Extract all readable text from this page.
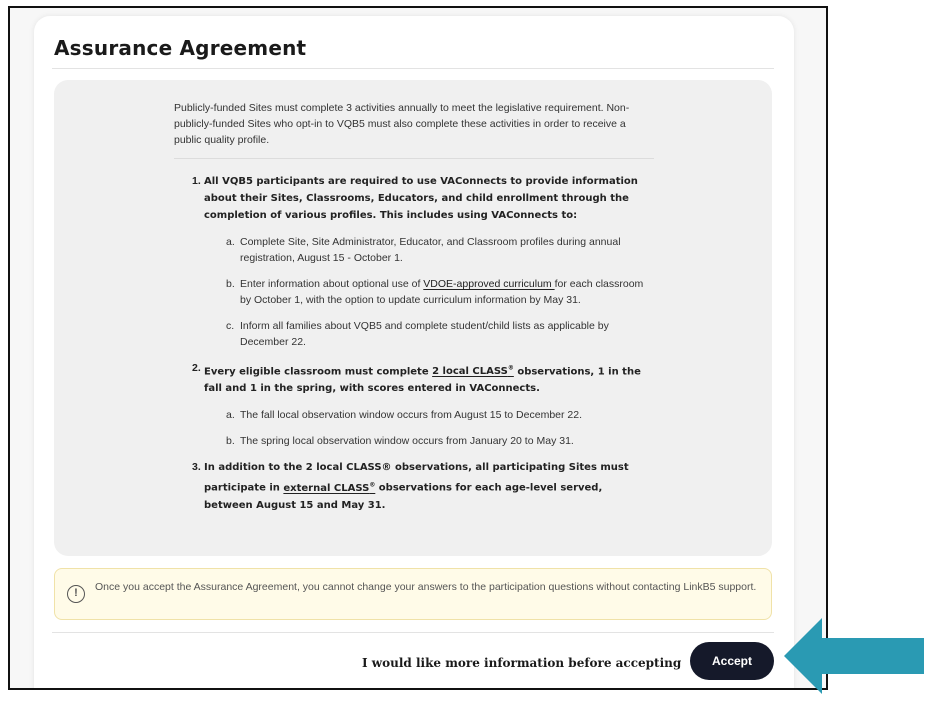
Assurance Agreement

Publicly-funded Sites must complete 3 activities annually to meet the legislative requirement. Non-publicly-funded Sites who opt-in to VQB5 must also complete these activities in order to receive a public quality profile.

1. All VQB5 participants are required to use VAConnects to provide information about their Sites, Classrooms, Educators, and child enrollment through the completion of various profiles. This includes using VAConnects to:
a. Complete Site, Site Administrator, Educator, and Classroom profiles during annual registration, August 15 - October 1.
b. Enter information about optional use of VDOE-approved curriculum for each classroom by October 1, with the option to update curriculum information by May 31.
c. Inform all families about VQB5 and complete student/child lists as applicable by December 22.
2. Every eligible classroom must complete 2 local CLASS® observations, 1 in the fall and 1 in the spring, with scores entered in VAConnects.
a. The fall local observation window occurs from August 15 to December 22.
b. The spring local observation window occurs from January 20 to May 31.
3. In addition to the 2 local CLASS® observations, all participating Sites must participate in external CLASS® observations for each age-level served, between August 15 and May 31.
!	Once you accept the Assurance Agreement, you cannot change your answers to the participation questions without contacting LinkB5 support.
I would like more information before accepting	Accept
